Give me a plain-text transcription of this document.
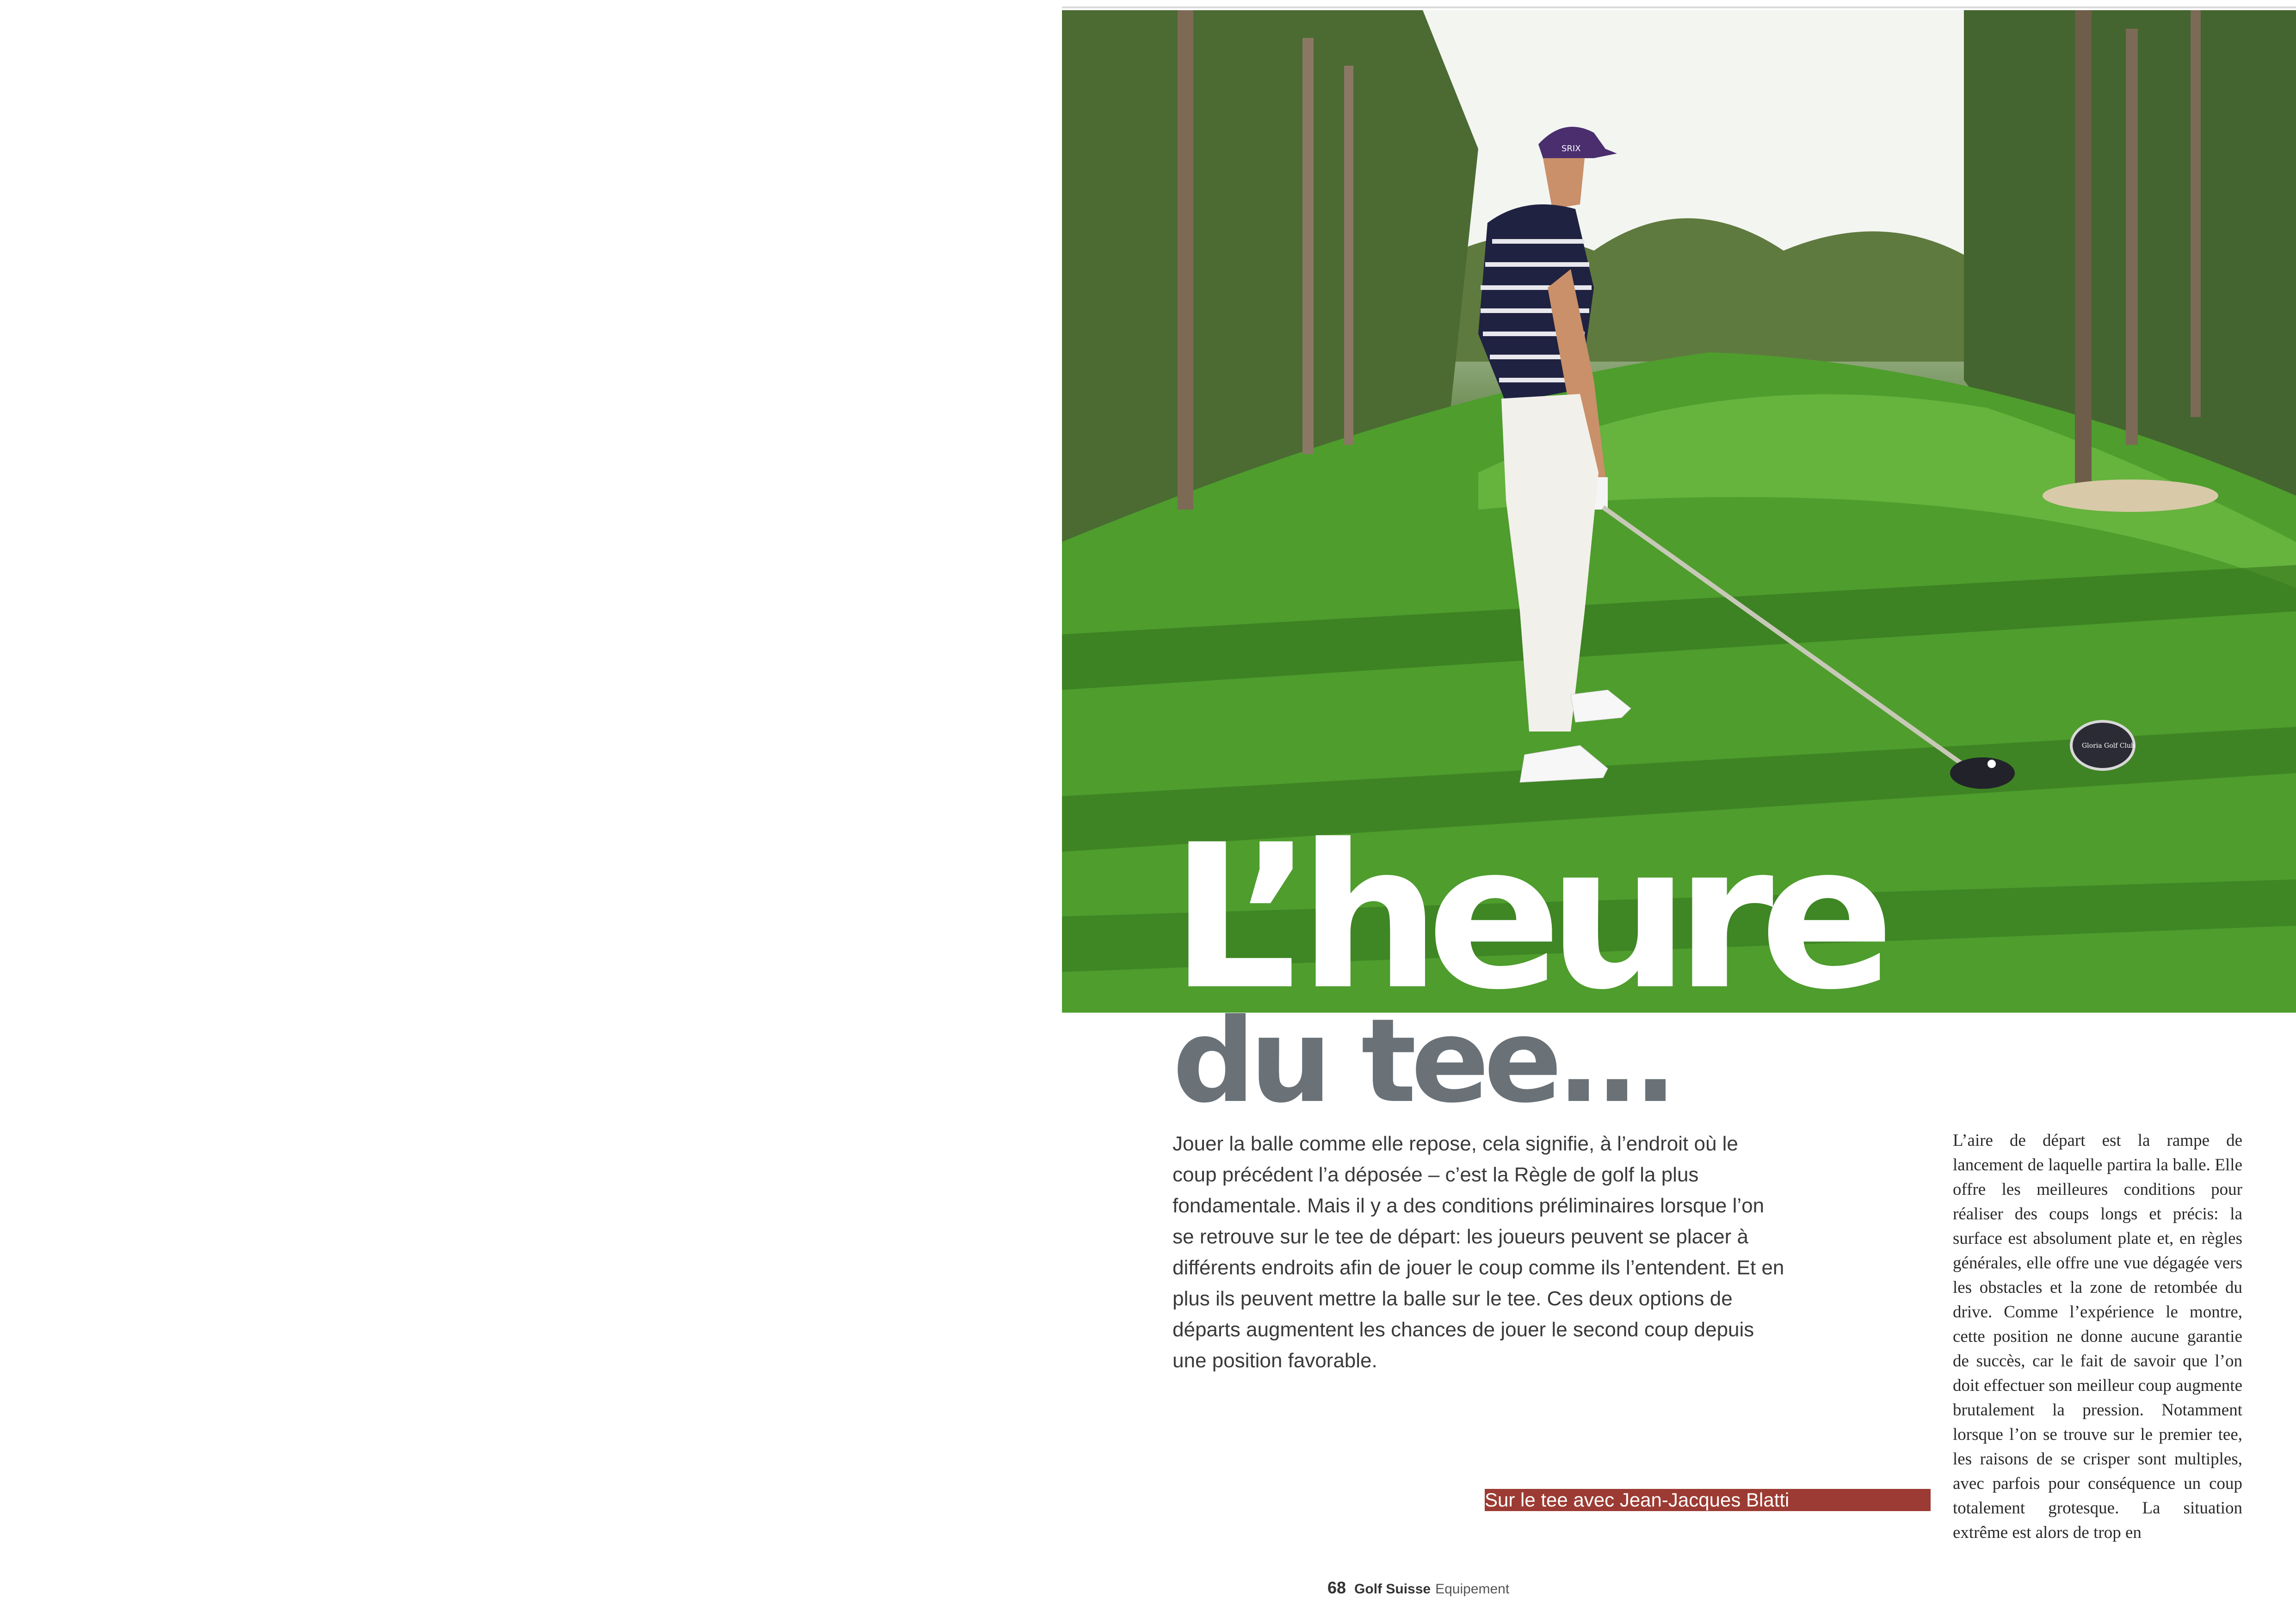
SRIX
Gloria Golf Club
L’heure
du tee...

Jouer la balle comme elle repose, cela signifie, à l’endroit où le coup précédent l’a déposée – c’est la Règle de golf la plus fondamentale. Mais il y a des conditions préliminaires lorsque l’on se retrouve sur le tee de départ: les joueurs peuvent se placer à différents endroits afin de jouer le coup comme ils l’entendent. Et en plus ils peuvent mettre la balle sur le tee. Ces deux options de départs augmentent les chances de jouer le second coup depuis une position favorable.

Sur le tee avec Jean-Jacques Blatti

L’aire de départ est la rampe de lancement de laquelle partira la balle. Elle offre les meilleures conditions pour réaliser des coups longs et précis: la surface est absolument plate et, en règles générales, elle offre une vue dégagée vers les obstacles et la zone de retombée du drive. Comme l’expérience le montre, cette position ne donne aucune garantie de succès, car le fait de savoir que l’on doit effectuer son meilleur coup augmente brutalement la pression. Notamment lorsque l’on se trouve sur le premier tee, les raisons de se crisper sont multiples, avec parfois pour conséquence un coup totalement grotesque. La situation extrême est alors de trop en

68 Golf Suisse Equipement
